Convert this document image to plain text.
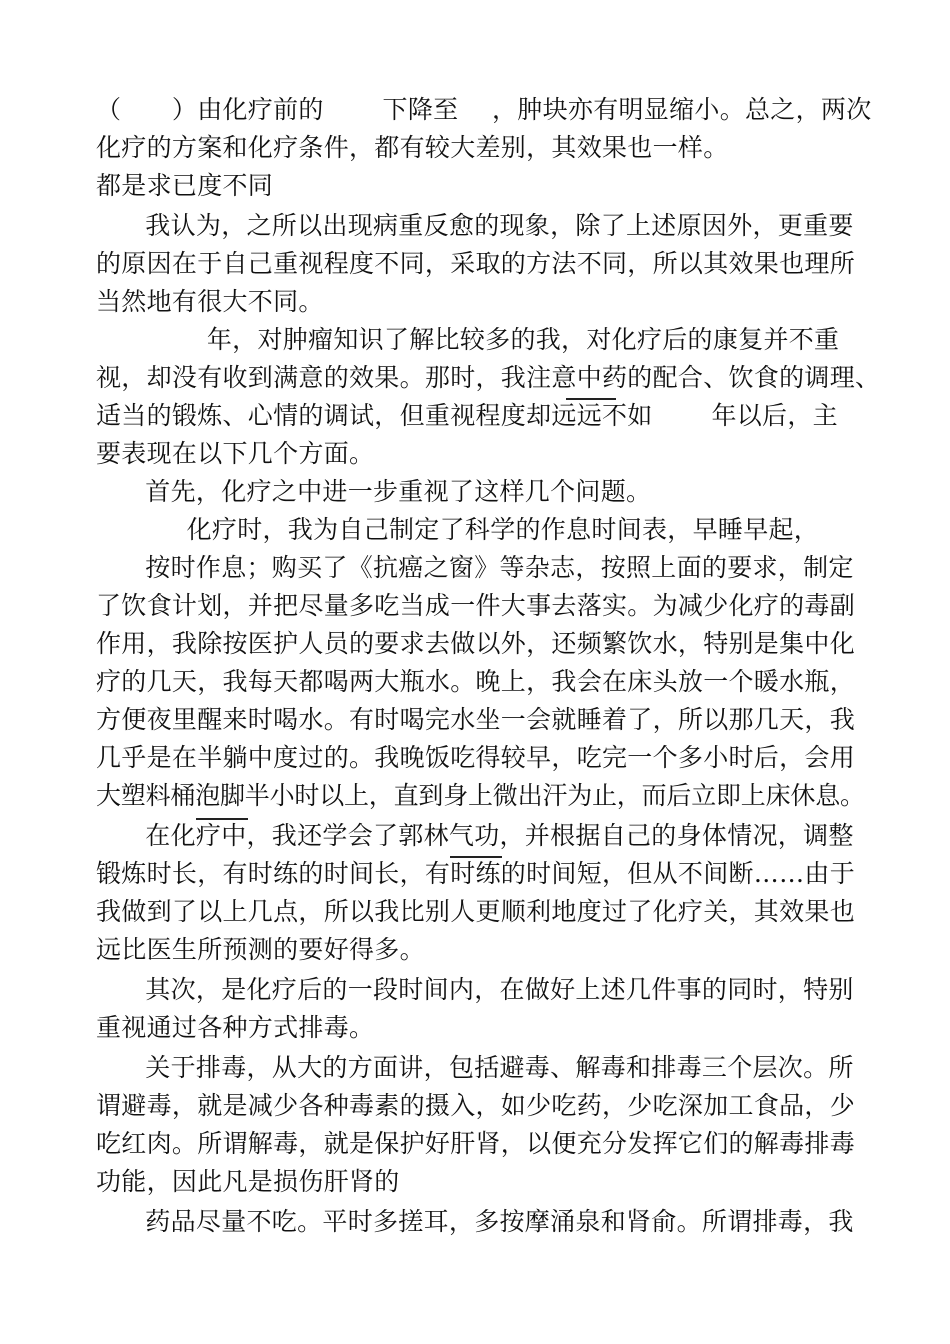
（　　）由化疗前的　　 下降至　 ，肿块亦有明显缩小。总之，两次
化疗的方案和化疗条件，都有较大差别，其效果也一样。
都是求已度不同
　我认为，之所以出现病重反愈的现象，除了上述原因外，更重要
的原因在于自己重视程度不同，采取的方法不同，所以其效果也理所
当然地有很大不同。
　　 年，对肿瘤知识了解比较多的我，对化疗后的康复并不重
视，却没有收到满意的效果。那时，我注意中药的配合、饮食的调理、
适当的锻炼、心情的调试，但重视程度却远远不如　　 年以后，主
要表现在以下几个方面。
　首先，化疗之中进一步重视了这样几个问题。
　　化疗时，我为自己制定了科学的作息时间表，早睡早起，
　按时作息；购买了《抗癌之窗》等杂志，按照上面的要求，制定
了饮食计划，并把尽量多吃当成一件大事去落实。为减少化疗的毒副
作用，我除按医护人员的要求去做以外，还频繁饮水，特别是集中化
疗的几天，我每天都喝两大瓶水。晚上，我会在床头放一个暖水瓶，
方便夜里醒来时喝水。有时喝完水坐一会就睡着了，所以那几天，我
几乎是在半躺中度过的。我晚饭吃得较早，吃完一个多小时后，会用
大塑料桶泡脚半小时以上，直到身上微出汗为止，而后立即上床休息。
　在化疗中，我还学会了郭林气功，并根据自己的身体情况，调整
锻炼时长，有时练的时间长，有时练的时间短，但从不间断……由于
我做到了以上几点，所以我比别人更顺利地度过了化疗关，其效果也
远比医生所预测的要好得多。
　其次，是化疗后的一段时间内，在做好上述几件事的同时，特别
重视通过各种方式排毒。
　关于排毒，从大的方面讲，包括避毒、解毒和排毒三个层次。所
谓避毒，就是减少各种毒素的摄入，如少吃药，少吃深加工食品，少
吃红肉。所谓解毒，就是保护好肝肾，以便充分发挥它们的解毒排毒
功能，因此凡是损伤肝肾的
　药品尽量不吃。平时多搓耳，多按摩涌泉和肾俞。所谓排毒，我
